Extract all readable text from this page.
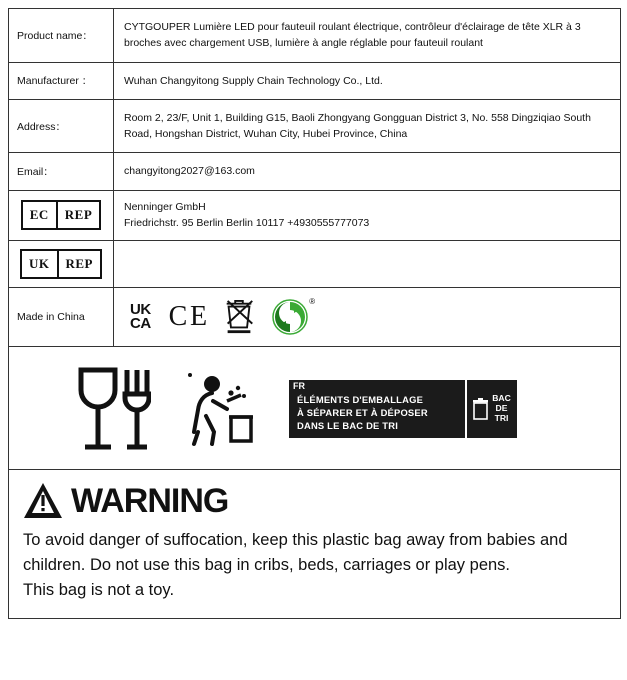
Product name：
CYTGOUPER Lumière LED pour fauteuil roulant électrique, contrôleur d'éclairage de tête XLR à 3 broches avec chargement USB, lumière à angle réglable pour fauteuil roulant
Manufacturer ：	Wuhan Changyitong Supply Chain Technology Co., Ltd.
Address：
Room 2, 23/F, Unit 1, Building G15, Baoli Zhongyang Gongguan District 3, No. 558 Dingziqiao South Road, Hongshan District, Wuhan City, Hubei Province, China
Email：	changyitong2027@163.com
EC	REP
Nenninger GmbH
Friedrichstr. 95 Berlin Berlin 10117 +4930555777073
UK	REP
Made in China	UK
CA C E	®
FR
ÉLÉMENTS D'EMBALLAGE
À SÉPARER ET À DÉPOSER
DANS LE BAC DE TRI
BAC
DE
TRI
WARNING

To avoid danger of suffocation, keep this plastic bag away from babies and children. Do not use this bag in cribs, beds, carriages or play pens.

This bag is not a toy.
